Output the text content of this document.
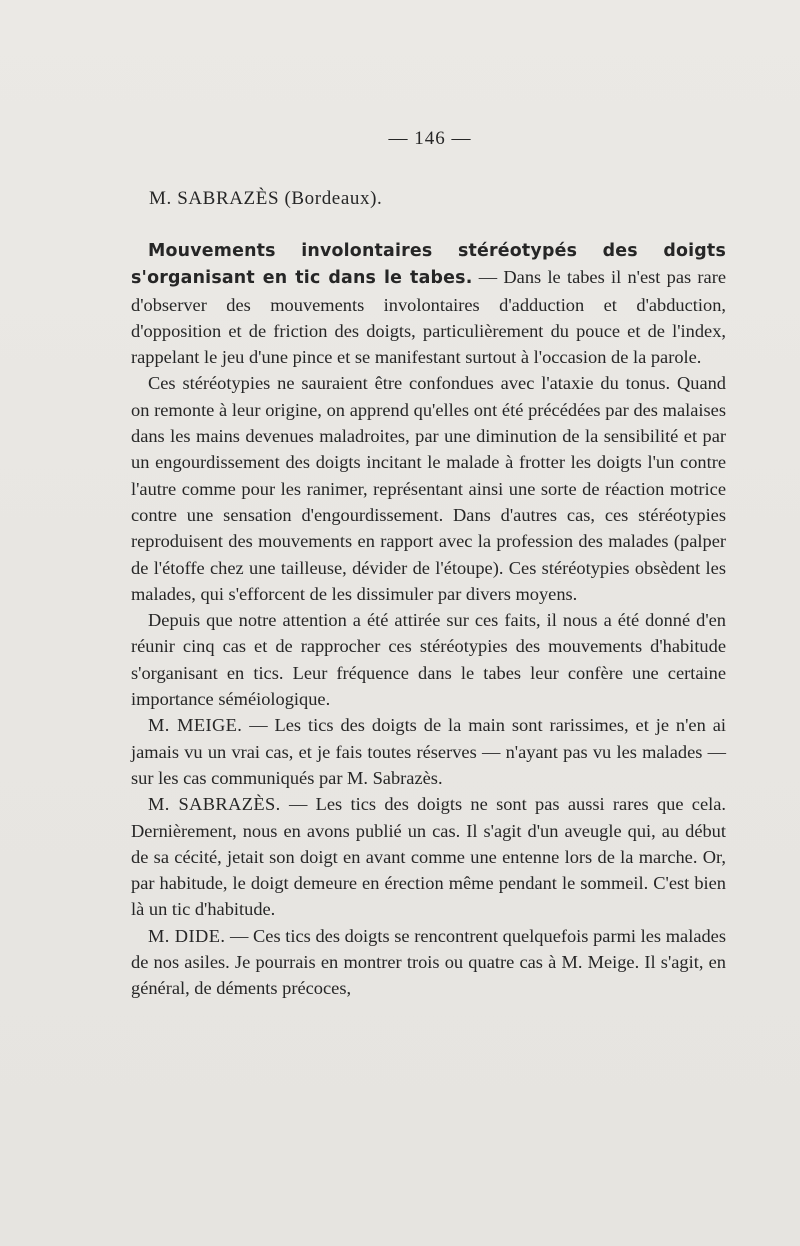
— 146 —
M. SABRAZÈS (Bordeaux).

Mouvements involontaires stéréotypés des doigts s'organisant en tic dans le tabes. — Dans le tabes il n'est pas rare d'observer des mouvements involontaires d'adduction et d'abduction, d'opposition et de friction des doigts, particulièrement du pouce et de l'index, rappelant le jeu d'une pince et se manifestant surtout à l'occasion de la parole.

Ces stéréotypies ne sauraient être confondues avec l'ataxie du tonus. Quand on remonte à leur origine, on apprend qu'elles ont été précédées par des malaises dans les mains devenues maladroites, par une diminution de la sensibilité et par un engourdissement des doigts incitant le malade à frotter les doigts l'un contre l'autre comme pour les ranimer, représentant ainsi une sorte de réaction motrice contre une sensation d'engourdissement. Dans d'autres cas, ces stéréotypies reproduisent des mouvements en rapport avec la profession des malades (palper de l'étoffe chez une tailleuse, dévider de l'étoupe). Ces stéréotypies obsèdent les malades, qui s'efforcent de les dissimuler par divers moyens.

Depuis que notre attention a été attirée sur ces faits, il nous a été donné d'en réunir cinq cas et de rapprocher ces stéréotypies des mouvements d'habitude s'organisant en tics. Leur fréquence dans le tabes leur confère une certaine importance séméiologique.

M. MEIGE. — Les tics des doigts de la main sont rarissimes, et je n'en ai jamais vu un vrai cas, et je fais toutes réserves — n'ayant pas vu les malades — sur les cas communiqués par M. Sabrazès.

M. SABRAZÈS. — Les tics des doigts ne sont pas aussi rares que cela. Dernièrement, nous en avons publié un cas. Il s'agit d'un aveugle qui, au début de sa cécité, jetait son doigt en avant comme une entenne lors de la marche. Or, par habitude, le doigt demeure en érection même pendant le sommeil. C'est bien là un tic d'habitude.

M. DIDE. — Ces tics des doigts se rencontrent quelquefois parmi les malades de nos asiles. Je pourrais en montrer trois ou quatre cas à M. Meige. Il s'agit, en général, de déments précoces,
